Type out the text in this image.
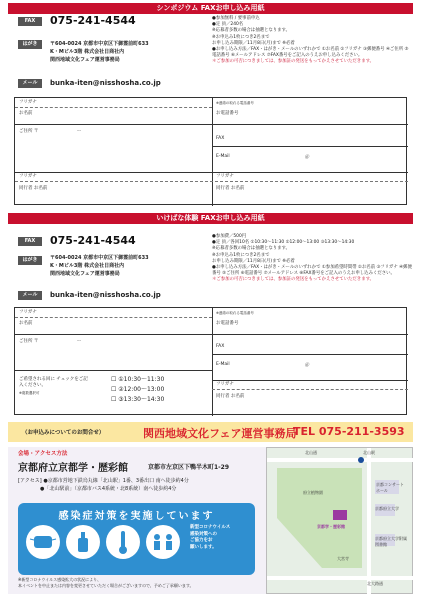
シンポジウム FAXお申し込み用紙
FAX	075-241-4544
はがき	〒604-0024 京都市中京区下御霊前町633
K・Mビル3階 株式会社日商社内
関西地域文化フェア運営事務局
メール	bunka-iten@nisshosha.co.jp
●参加無料 / 要事前申込
●定 員／240名
※応募者多数の場合は抽選となります。
※お申込み1枚につき2名まで
お申し込み期限／11月8日(月)まで ※必着
●お申し込み方法／FAX・はがき・メールのいずれかで ①お名前 ②フリガナ ③郵便番号 ④ご住所 ⑤電話番号 ⑥メールアドレス ⑦FAX番号をご記入のうえお申し込みください。
＊ご参加の可否につきましては、参加証の発送をもってかえさせていただきます。
フリガナ
お名前
※連絡の取れる電話番号
お電話番号
ご住所 〒	ー
FAX
E-Mail	＠
フリガナ	フリガナ
同行者 お名前	同行者 お名前
いけばな体験 FAXお申し込み用紙
FAX	075-241-4544
はがき	〒604-0024 京都市中京区下御霊前町633
K・Mビル3階 株式会社日商社内
関西地域文化フェア運営事務局
メール	bunka-iten@nisshosha.co.jp
●参加費／500円
●定 員／各回10名 ①10:30〜11:30 ②12:00〜13:00 ③13:30〜14:30
※応募者多数の場合は抽選となります。
※お申込み1枚につき2名まで
お申し込み期限／11月8日(月)まで ※必着
●お申し込み方法／FAX・はがき・メールのいずれかで ①参加希望時間帯 ②お名前 ③フリガナ ④郵便番号 ⑤ご住所 ⑥電話番号 ⑦メールアドレス ⑧FAX番号をご記入のうえお申し込みください。
＊ご参加の可否につきましては、参加証の発送をもってかえさせていただきます。
フリガナ
お名前
※連絡の取れる電話番号
お電話番号
ご住所 〒	ー
FAX
E-Mail	＠
ご希望される回に チェックをご記入ください。
※複数選択可
☐ ①10:30〜11:30
☐ ②12:00〜13:00
☐ ③13:30〜14:30
フリガナ
同行者 お名前
（お申込みについてのお問合せ）	関西地域文化フェア運営事務局
TEL 075-211-3593
会場・アクセス方法
京都府立京都学・歴彩館	京都市左京区下鴨半木町1-29
[アクセス] ●京都市営地下鉄烏丸線「北山駅」1番、3番出口 南へ徒歩約4分
●「北山駅前」（京都市バス4系統・北8系統）南へ徒歩約4分
感染症対策を実施しています
新型コロナウイルス
感染対策への
ご協力をお
願いします。
※新型コロナウイルス感染拡大の状況により、
本イベントを中止または内容を変更させていただく場合がございますので、予めご了承願います。
北山通	北山駅
京都コンサートホール
府立植物園
京都府立大学
京都学・歴彩館
京都府立大学附属図書館
大宮寺
北大路通
